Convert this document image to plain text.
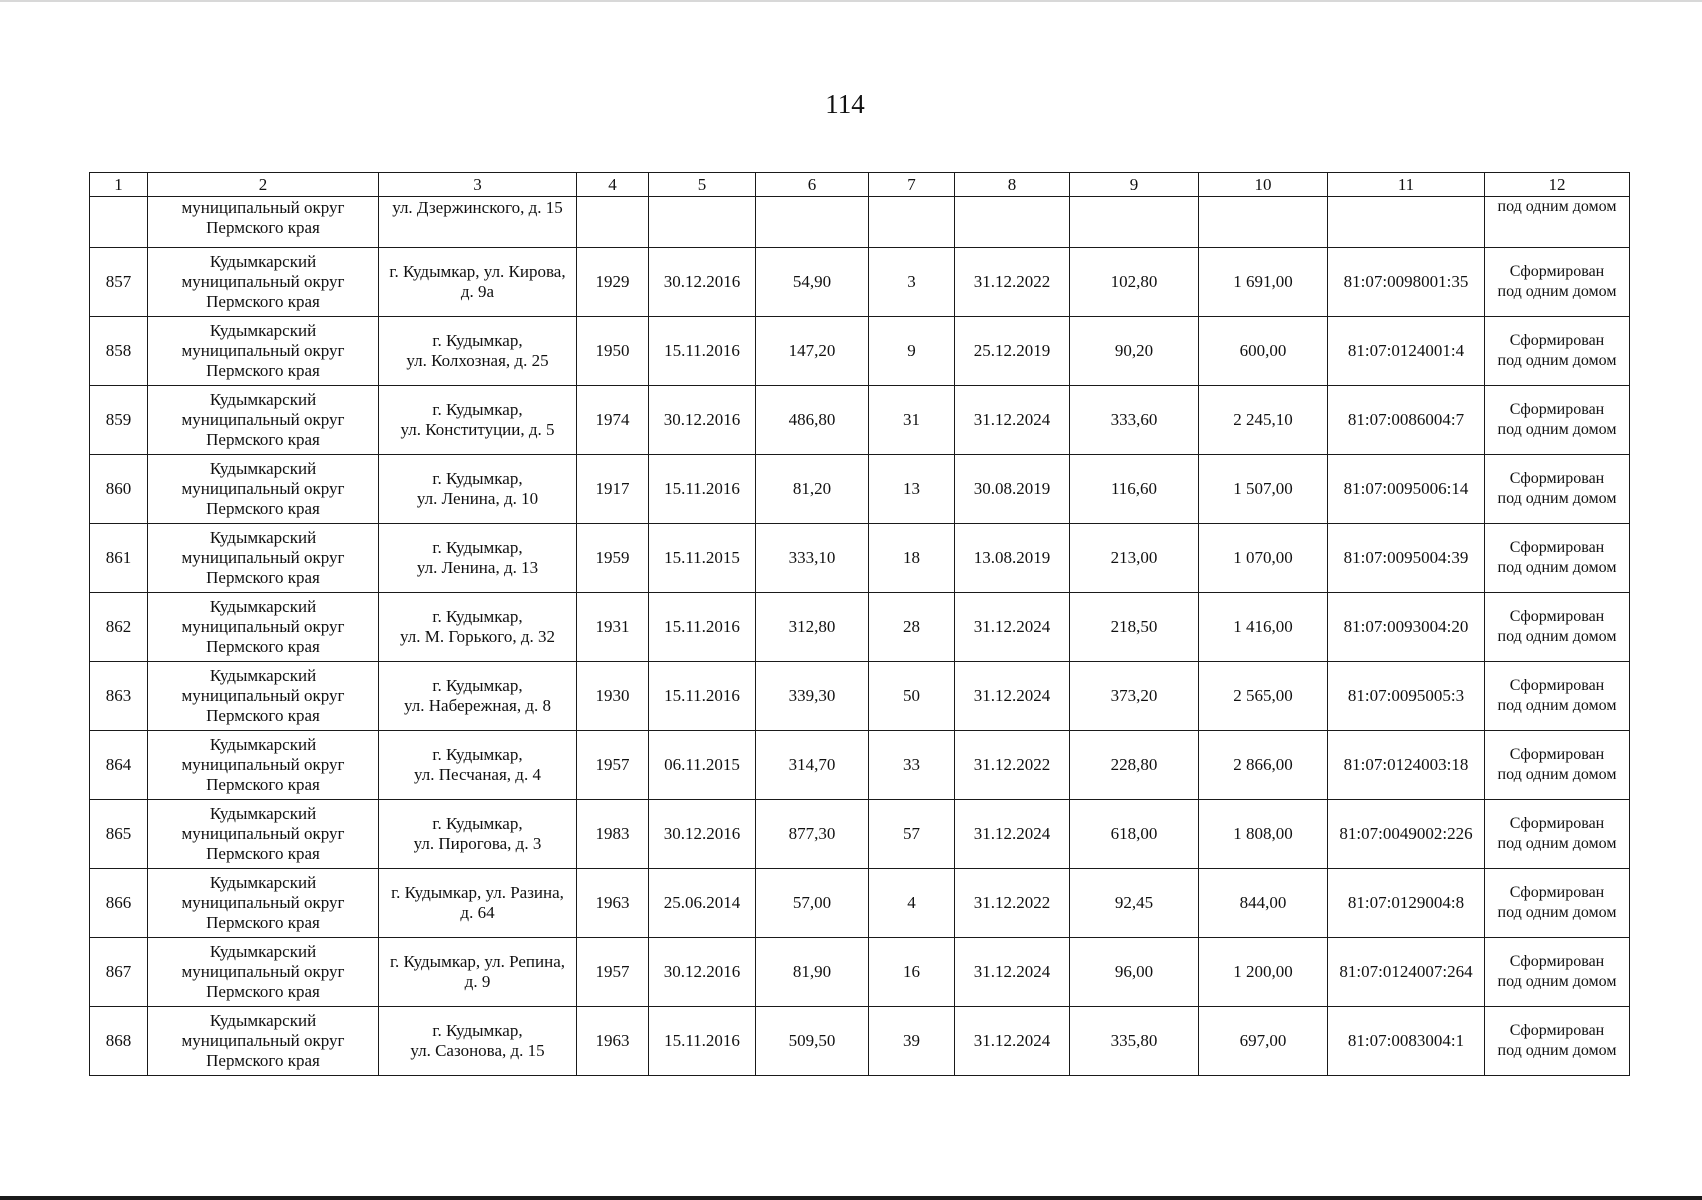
114
1	2	3	4	5	6	7	8	9	10	11	12
	муниципальный округ
Пермского края	ул. Дзержинского, д. 15									под одним домом
857	Кудымкарский
муниципальный округ
Пермского края	г. Кудымкар, ул. Кирова,
д. 9а	1929	30.12.2016	54,90	3	31.12.2022	102,80	1 691,00	81:07:0098001:35	Сформирован
под одним домом
858	Кудымкарский
муниципальный округ
Пермского края	г. Кудымкар,
ул. Колхозная, д. 25	1950	15.11.2016	147,20	9	25.12.2019	90,20	600,00	81:07:0124001:4	Сформирован
под одним домом
859	Кудымкарский
муниципальный округ
Пермского края	г. Кудымкар,
ул. Конституции, д. 5	1974	30.12.2016	486,80	31	31.12.2024	333,60	2 245,10	81:07:0086004:7	Сформирован
под одним домом
860	Кудымкарский
муниципальный округ
Пермского края	г. Кудымкар,
ул. Ленина, д. 10	1917	15.11.2016	81,20	13	30.08.2019	116,60	1 507,00	81:07:0095006:14	Сформирован
под одним домом
861	Кудымкарский
муниципальный округ
Пермского края	г. Кудымкар,
ул. Ленина, д. 13	1959	15.11.2015	333,10	18	13.08.2019	213,00	1 070,00	81:07:0095004:39	Сформирован
под одним домом
862	Кудымкарский
муниципальный округ
Пермского края	г. Кудымкар,
ул. М. Горького, д. 32	1931	15.11.2016	312,80	28	31.12.2024	218,50	1 416,00	81:07:0093004:20	Сформирован
под одним домом
863	Кудымкарский
муниципальный округ
Пермского края	г. Кудымкар,
ул. Набережная, д. 8	1930	15.11.2016	339,30	50	31.12.2024	373,20	2 565,00	81:07:0095005:3	Сформирован
под одним домом
864	Кудымкарский
муниципальный округ
Пермского края	г. Кудымкар,
ул. Песчаная, д. 4	1957	06.11.2015	314,70	33	31.12.2022	228,80	2 866,00	81:07:0124003:18	Сформирован
под одним домом
865	Кудымкарский
муниципальный округ
Пермского края	г. Кудымкар,
ул. Пирогова, д. 3	1983	30.12.2016	877,30	57	31.12.2024	618,00	1 808,00	81:07:0049002:226	Сформирован
под одним домом
866	Кудымкарский
муниципальный округ
Пермского края	г. Кудымкар, ул. Разина,
д. 64	1963	25.06.2014	57,00	4	31.12.2022	92,45	844,00	81:07:0129004:8	Сформирован
под одним домом
867	Кудымкарский
муниципальный округ
Пермского края	г. Кудымкар, ул. Репина,
д. 9	1957	30.12.2016	81,90	16	31.12.2024	96,00	1 200,00	81:07:0124007:264	Сформирован
под одним домом
868	Кудымкарский
муниципальный округ
Пермского края	г. Кудымкар,
ул. Сазонова, д. 15	1963	15.11.2016	509,50	39	31.12.2024	335,80	697,00	81:07:0083004:1	Сформирован
под одним домом
